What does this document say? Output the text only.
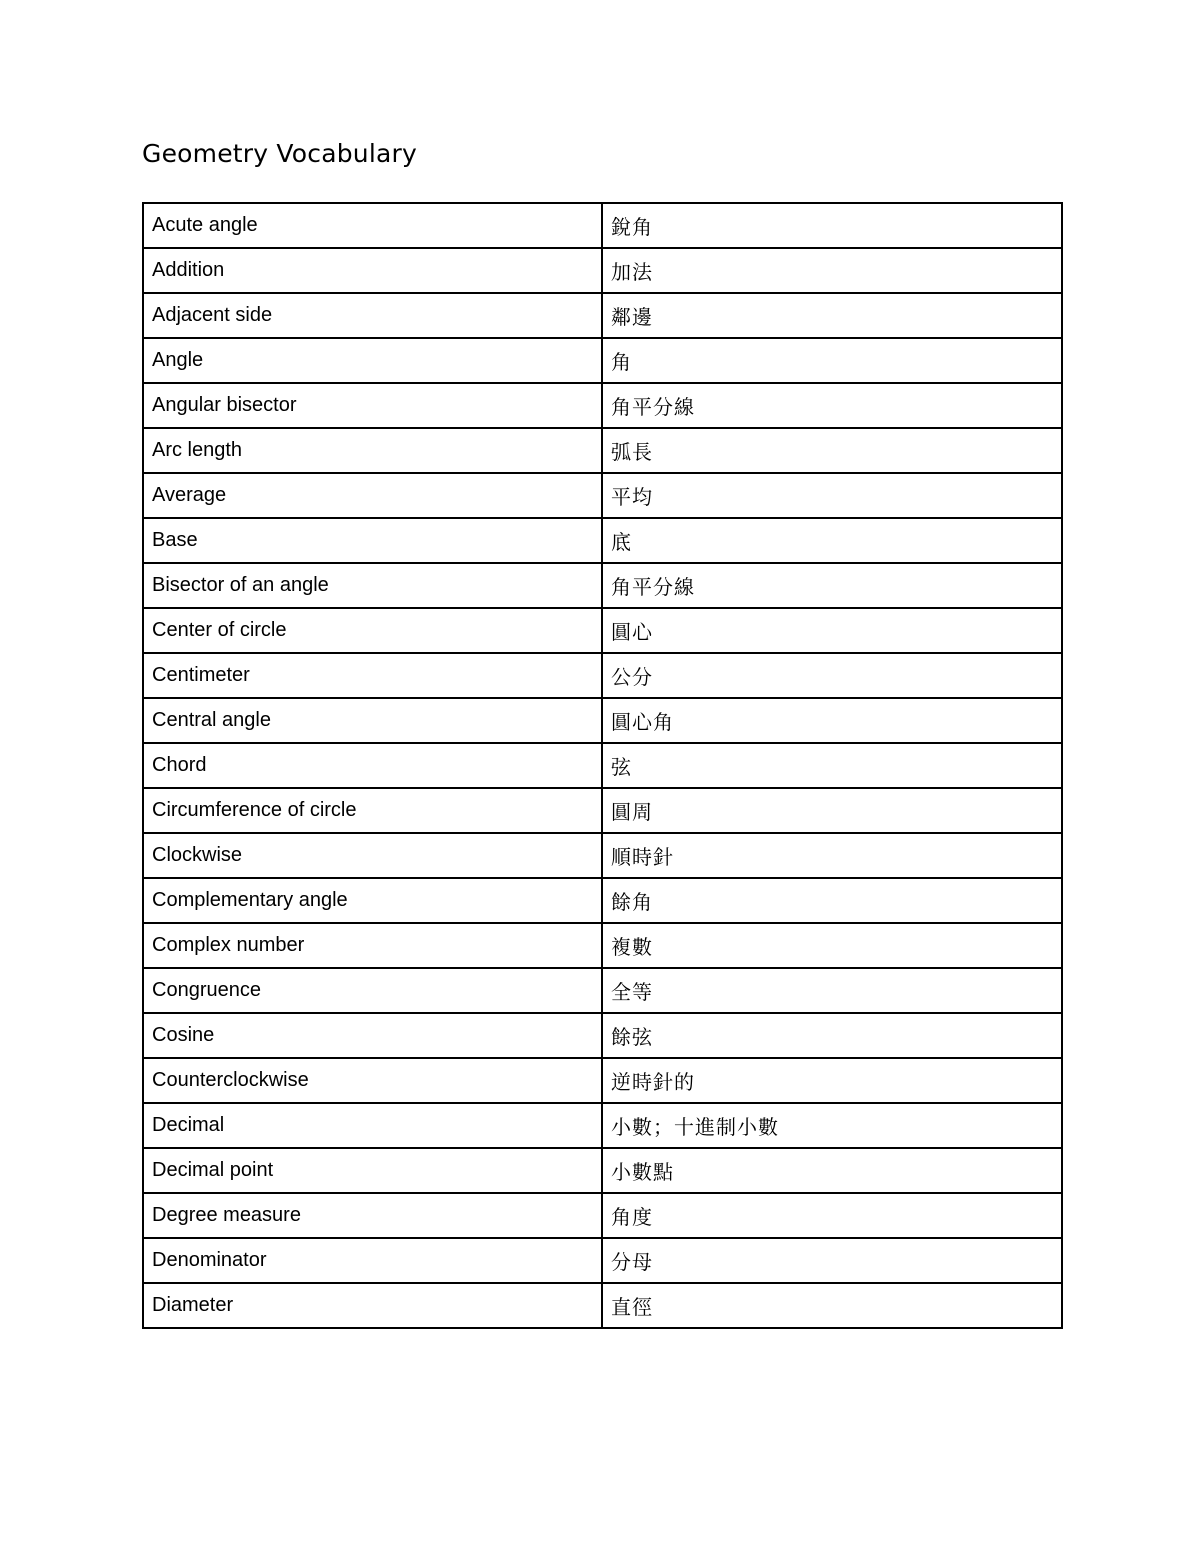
Geometry Vocabulary
Acute angle	銳角
Addition	加法
Adjacent side	鄰邊
Angle	角
Angular bisector	角平分線
Arc length	弧長
Average	平均
Base	底
Bisector of an angle	角平分線
Center of circle	圓心
Centimeter	公分
Central angle	圓心角
Chord	弦
Circumference of circle	圓周
Clockwise	順時針
Complementary angle	餘角
Complex number	複數
Congruence	全等
Cosine	餘弦
Counterclockwise	逆時針的
Decimal	小數；十進制小數
Decimal point	小數點
Degree measure	角度
Denominator	分母
Diameter	直徑
